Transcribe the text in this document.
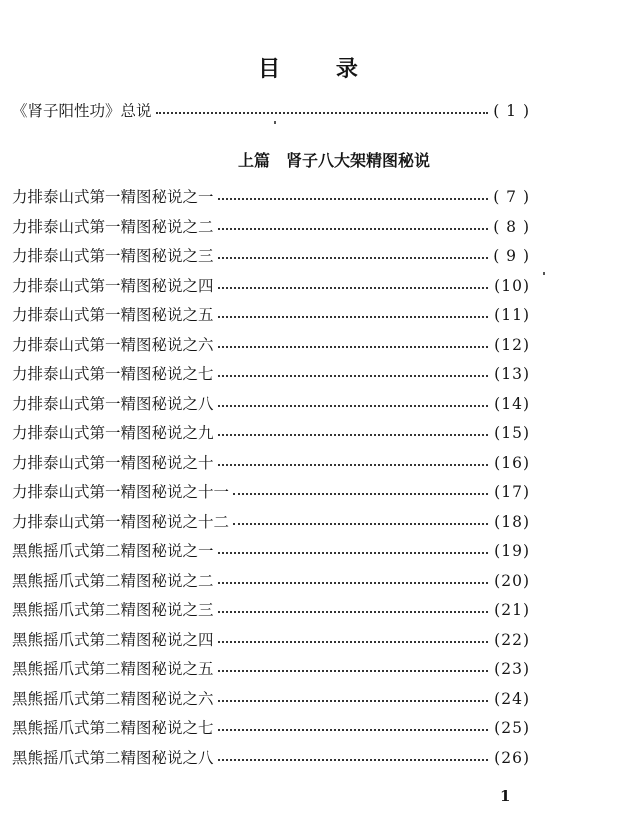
目 录
《肾子阳性功》总说	( 1 )
上篇　肾子八大架精图秘说
力排泰山式第一精图秘说之一	( 7 )
力排泰山式第一精图秘说之二	( 8 )
力排泰山式第一精图秘说之三	( 9 )
力排泰山式第一精图秘说之四	(10)
力排泰山式第一精图秘说之五	(11)
力排泰山式第一精图秘说之六	(12)
力排泰山式第一精图秘说之七	(13)
力排泰山式第一精图秘说之八	(14)
力排泰山式第一精图秘说之九	(15)
力排泰山式第一精图秘说之十	(16)
力排泰山式第一精图秘说之十一	(17)
力排泰山式第一精图秘说之十二	(18)
黑熊摇爪式第二精图秘说之一	(19)
黑熊摇爪式第二精图秘说之二	(20)
黑熊摇爪式第二精图秘说之三	(21)
黑熊摇爪式第二精图秘说之四	(22)
黑熊摇爪式第二精图秘说之五	(23)
黑熊摇爪式第二精图秘说之六	(24)
黑熊摇爪式第二精图秘说之七	(25)
黑熊摇爪式第二精图秘说之八	(26)
1
